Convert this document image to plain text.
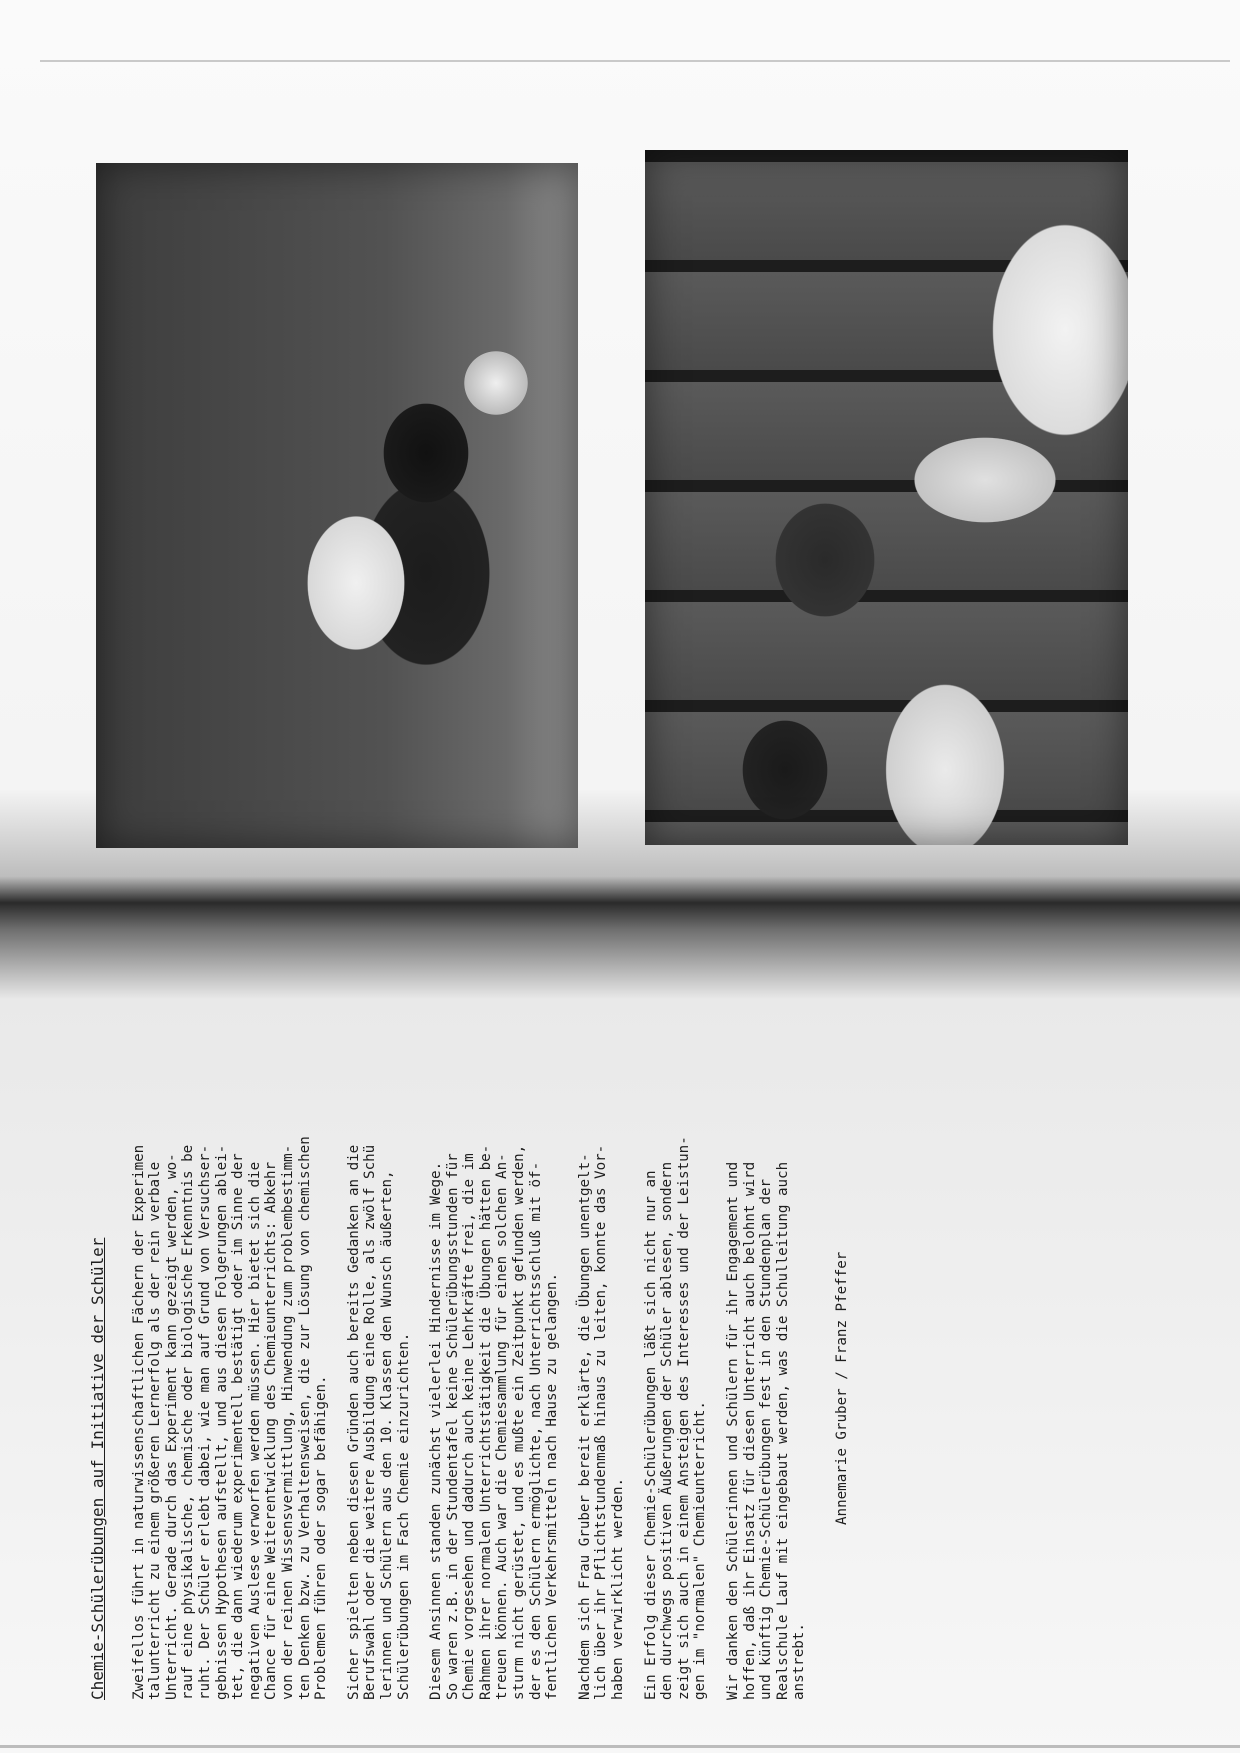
Chemie-Schülerübungen auf Initiative der Schüler Zweifellos führt in naturwissenschaftlichen Fächern der Experimen talunterricht zu einem größeren Lernerfolg als der rein verbale Unterricht. Gerade durch das Experiment kann gezeigt werden, wo- rauf eine physikalische, chemische oder biologische Erkenntnis be ruht. Der Schüler erlebt dabei, wie man auf Grund von Versuchser- gebnissen Hypothesen aufstellt, und aus diesen Folgerungen ablei- tet, die dann wiederum experimentell bestätigt oder im Sinne der negativen Auslese verworfen werden müssen. Hier bietet sich die Chance für eine Weiterentwicklung des Chemieunterrichts: Abkehr von der reinen Wissensvermittlung, Hinwendung zum problembestimm- ten Denken bzw. zu Verhaltensweisen, die zur Lösung von chemischen Problemen führen oder sogar befähigen. Sicher spielten neben diesen Gründen auch bereits Gedanken an die Berufswahl oder die weitere Ausbildung eine Rolle, als zwölf Schü lerinnen und Schülern aus den 10. Klassen den Wunsch äußerten, Schülerübungen im Fach Chemie einzurichten. Diesem Ansinnen standen zunächst vielerlei Hindernisse im Wege. So waren z.B. in der Stundentafel keine Schülerübungsstunden für Chemie vorgesehen und dadurch auch keine Lehrkräfte frei, die im Rahmen ihrer normalen Unterrichtstätigkeit die Übungen hätten be- treuen können. Auch war die Chemiesammlung für einen solchen An- sturm nicht gerüstet, und es mußte ein Zeitpunkt gefunden werden, der es den Schülern ermöglichte, nach Unterrichtsschluß mit öf- fentlichen Verkehrsmitteln nach Hause zu gelangen. Nachdem sich Frau Gruber bereit erklärte, die Übungen unentgelt- lich über ihr Pflichtstundenmaß hinaus zu leiten, konnte das Vor- haben verwirklicht werden. Ein Erfolg dieser Chemie-Schülerübungen läßt sich nicht nur an den durchwegs positiven Äußerungen der Schüler ablesen, sondern zeigt sich auch in einem Ansteigen des Interesses und der Leistun- gen im "normalen" Chemieunterricht. Wir danken den Schülerinnen und Schülern für ihr Engagement und hoffen, daß ihr Einsatz für diesen Unterricht auch belohnt wird und künftig Chemie-Schülerübungen fest in den Stundenplan der Realschule Lauf mit eingebaut werden, was die Schulleitung auch anstrebt.
Annemarie Gruber / Franz Pfeffer
